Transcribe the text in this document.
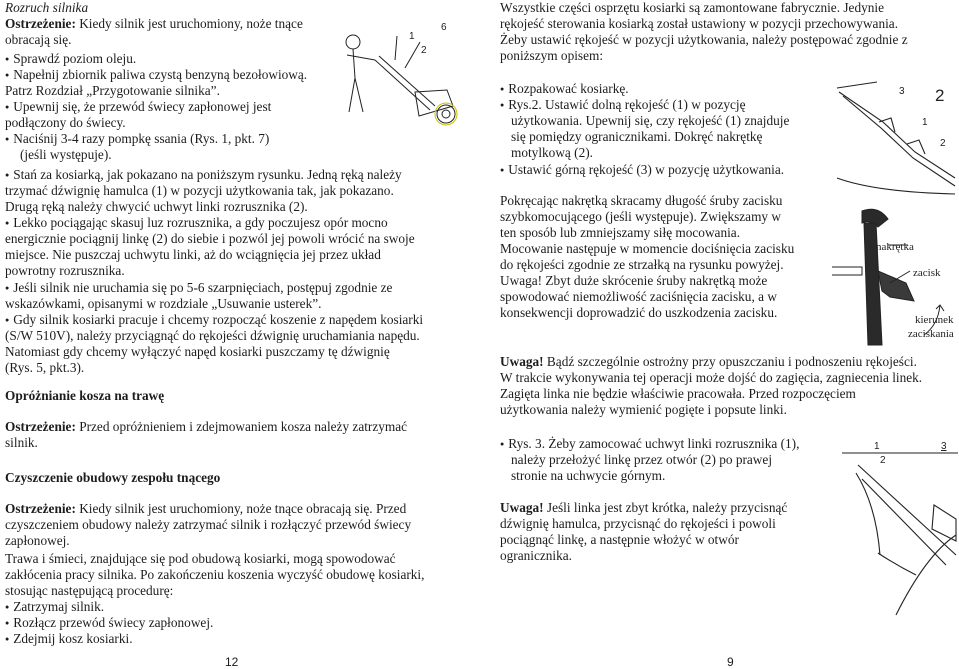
Rozruch silnika
Ostrzeżenie: Kiedy silnik jest uruchomiony, noże tnące
obracają się.
● Sprawdź poziom oleju.
● Napełnij zbiornik paliwa czystą benzyną bezołowiową.
Patrz Rozdział „Przygotowanie silnika”.
● Upewnij się, że przewód świecy zapłonowej jest
podłączony do świecy.
● Naciśnij 3-4 razy pompkę ssania (Rys. 1, pkt. 7)
(jeśli występuje).
● Stań za kosiarką, jak pokazano na poniższym rysunku. Jedną ręką należy
trzymać dźwignię hamulca (1) w pozycji użytkowania tak, jak pokazano.
Drugą ręką należy chwycić uchwyt linki rozrusznika (2).
● Lekko pociągając skasuj luz rozrusznika, a gdy poczujesz opór mocno
energicznie pociągnij linkę (2) do siebie i pozwól jej powoli wrócić na swoje
miejsce. Nie puszczaj uchwytu linki, aż do wciągnięcia jej przez układ
powrotny rozrusznika.
● Jeśli silnik nie uruchamia się po 5-6 szarpnięciach, postępuj zgodnie ze
wskazówkami, opisanymi w rozdziale „Usuwanie usterek”.
● Gdy silnik kosiarki pracuje i chcemy rozpocząć koszenie z napędem kosiarki
(S/W 510V), należy przyciągnąć do rękojeści dźwignię uruchamiania napędu.
Natomiast gdy chcemy wyłączyć napęd kosiarki puszczamy tę dźwignię
(Rys. 5, pkt.3).
Opróżnianie kosza na trawę
Ostrzeżenie: Przed opróżnieniem i zdejmowaniem kosza należy zatrzymać
silnik.
Czyszczenie obudowy zespołu tnącego
Ostrzeżenie: Kiedy silnik jest uruchomiony, noże tnące obracają się. Przed
czyszczeniem obudowy należy zatrzymać silnik i rozłączyć przewód świecy
zapłonowej.
Trawa i śmieci, znajdujące się pod obudową kosiarki, mogą spowodować
zakłócenia pracy silnika. Po zakończeniu koszenia wyczyść obudowę kosiarki,
stosując następującą procedurę:
● Zatrzymaj silnik.
● Rozłącz przewód świecy zapłonowej.
● Zdejmij kosz kosiarki.
1
2
6
12
Wszystkie części osprzętu kosiarki są zamontowane fabrycznie. Jedynie
rękojeść sterowania kosiarką został ustawiony w pozycji przechowywania.
Żeby ustawić rękojeść w pozycji użytkowania, należy postępować zgodnie z
poniższym opisem:
● Rozpakować kosiarkę.
● Rys.2. Ustawić dolną rękojeść (1) w pozycję
użytkowania. Upewnij się, czy rękojeść (1) znajduje
się pomiędzy ogranicznikami. Dokręć nakrętkę
motylkową (2).
● Ustawić górną rękojeść (3) w pozycję użytkowania.
Pokręcając nakrętką skracamy długość śruby zacisku
szybkomocującego (jeśli występuje). Zwiększamy w
ten sposób lub zmniejszamy siłę mocowania.
Mocowanie następuje w momencie dociśnięcia zacisku
do rękojeści zgodnie ze strzałką na rysunku powyżej.
Uwaga! Zbyt duże skrócenie śruby nakrętką może
spowodować niemożliwość zaciśnięcia zacisku, a w
konsekwencji doprowadzić do uszkodzenia zacisku.
Uwaga! Bądź szczególnie ostrożny przy opuszczaniu i podnoszeniu rękojeści.
W trakcie wykonywania tej operacji może dojść do zagięcia, zagniecenia linek.
Zagięta linka nie będzie właściwie pracowała. Przed rozpoczęciem
użytkowania należy wymienić pogięte i popsute linki.
● Rys. 3. Żeby zamocować uchwyt linki rozrusznika (1),
należy przełożyć linkę przez otwór (2) po prawej
stronie na uchwycie górnym.
Uwaga! Jeśli linka jest zbyt krótka, należy przycisnąć
dźwignię hamulca, przycisnąć do rękojeści i powoli
pociągnąć linkę, a następnie włożyć w otwór
ogranicznika.
3 2
1
2
nakrętka
zacisk
kierunek
zaciskania
1	3
2
9
